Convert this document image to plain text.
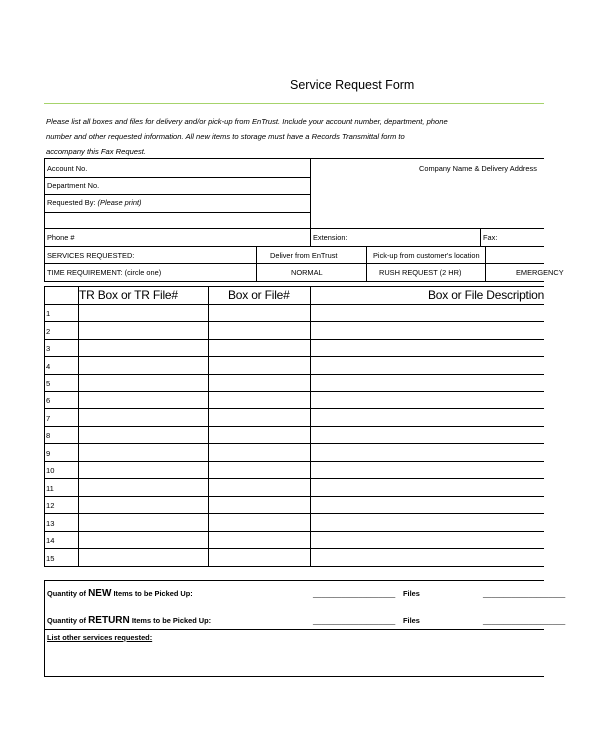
Service Request Form
Please list all boxes and files for delivery and/or pick-up from EnTrust. Include your account number, department, phone
number and other requested information. All new items to storage must have a Records Transmittal form to
accompany this Fax Request.
Account No.	Company Name & Delivery Address
Department No.
Requested By: (Please print)
Phone #	Extension:	Fax:
SERVICES REQUESTED:	Deliver from EnTrust	Pick-up from customer's location
TIME REQUIREMENT: (circle one)	NORMAL	RUSH REQUEST (2 HR)	EMERGENCY
TR Box or TR File#	Box or File#	Box or File Description
1
2
3
4
5
6
7
8
9
10
11
12
13
14
15
Quantity of NEW Items to be Picked Up:	____________________ Files	____________________
Quantity of RETURN Items to be Picked Up:	____________________ Files	____________________
List other services requested:
